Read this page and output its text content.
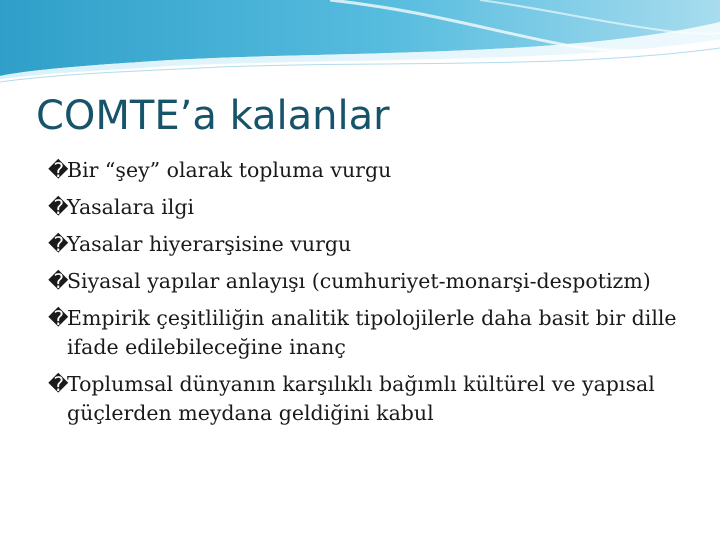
COMTE’a kalanlar
�
Bir “şey” olarak topluma vurgu
�
Yasalara ilgi
�
Yasalar hiyerarşisine vurgu
�
Siyasal yapılar anlayışı (cumhuriyet-monarşi-despotizm)
�
Empirik çeşitliliğin analitik tipolojilerle daha basit bir dille ifade edilebileceğine inanç
�
Toplumsal dünyanın karşılıklı bağımlı kültürel ve yapısal güçlerden meydana geldiğini kabul
